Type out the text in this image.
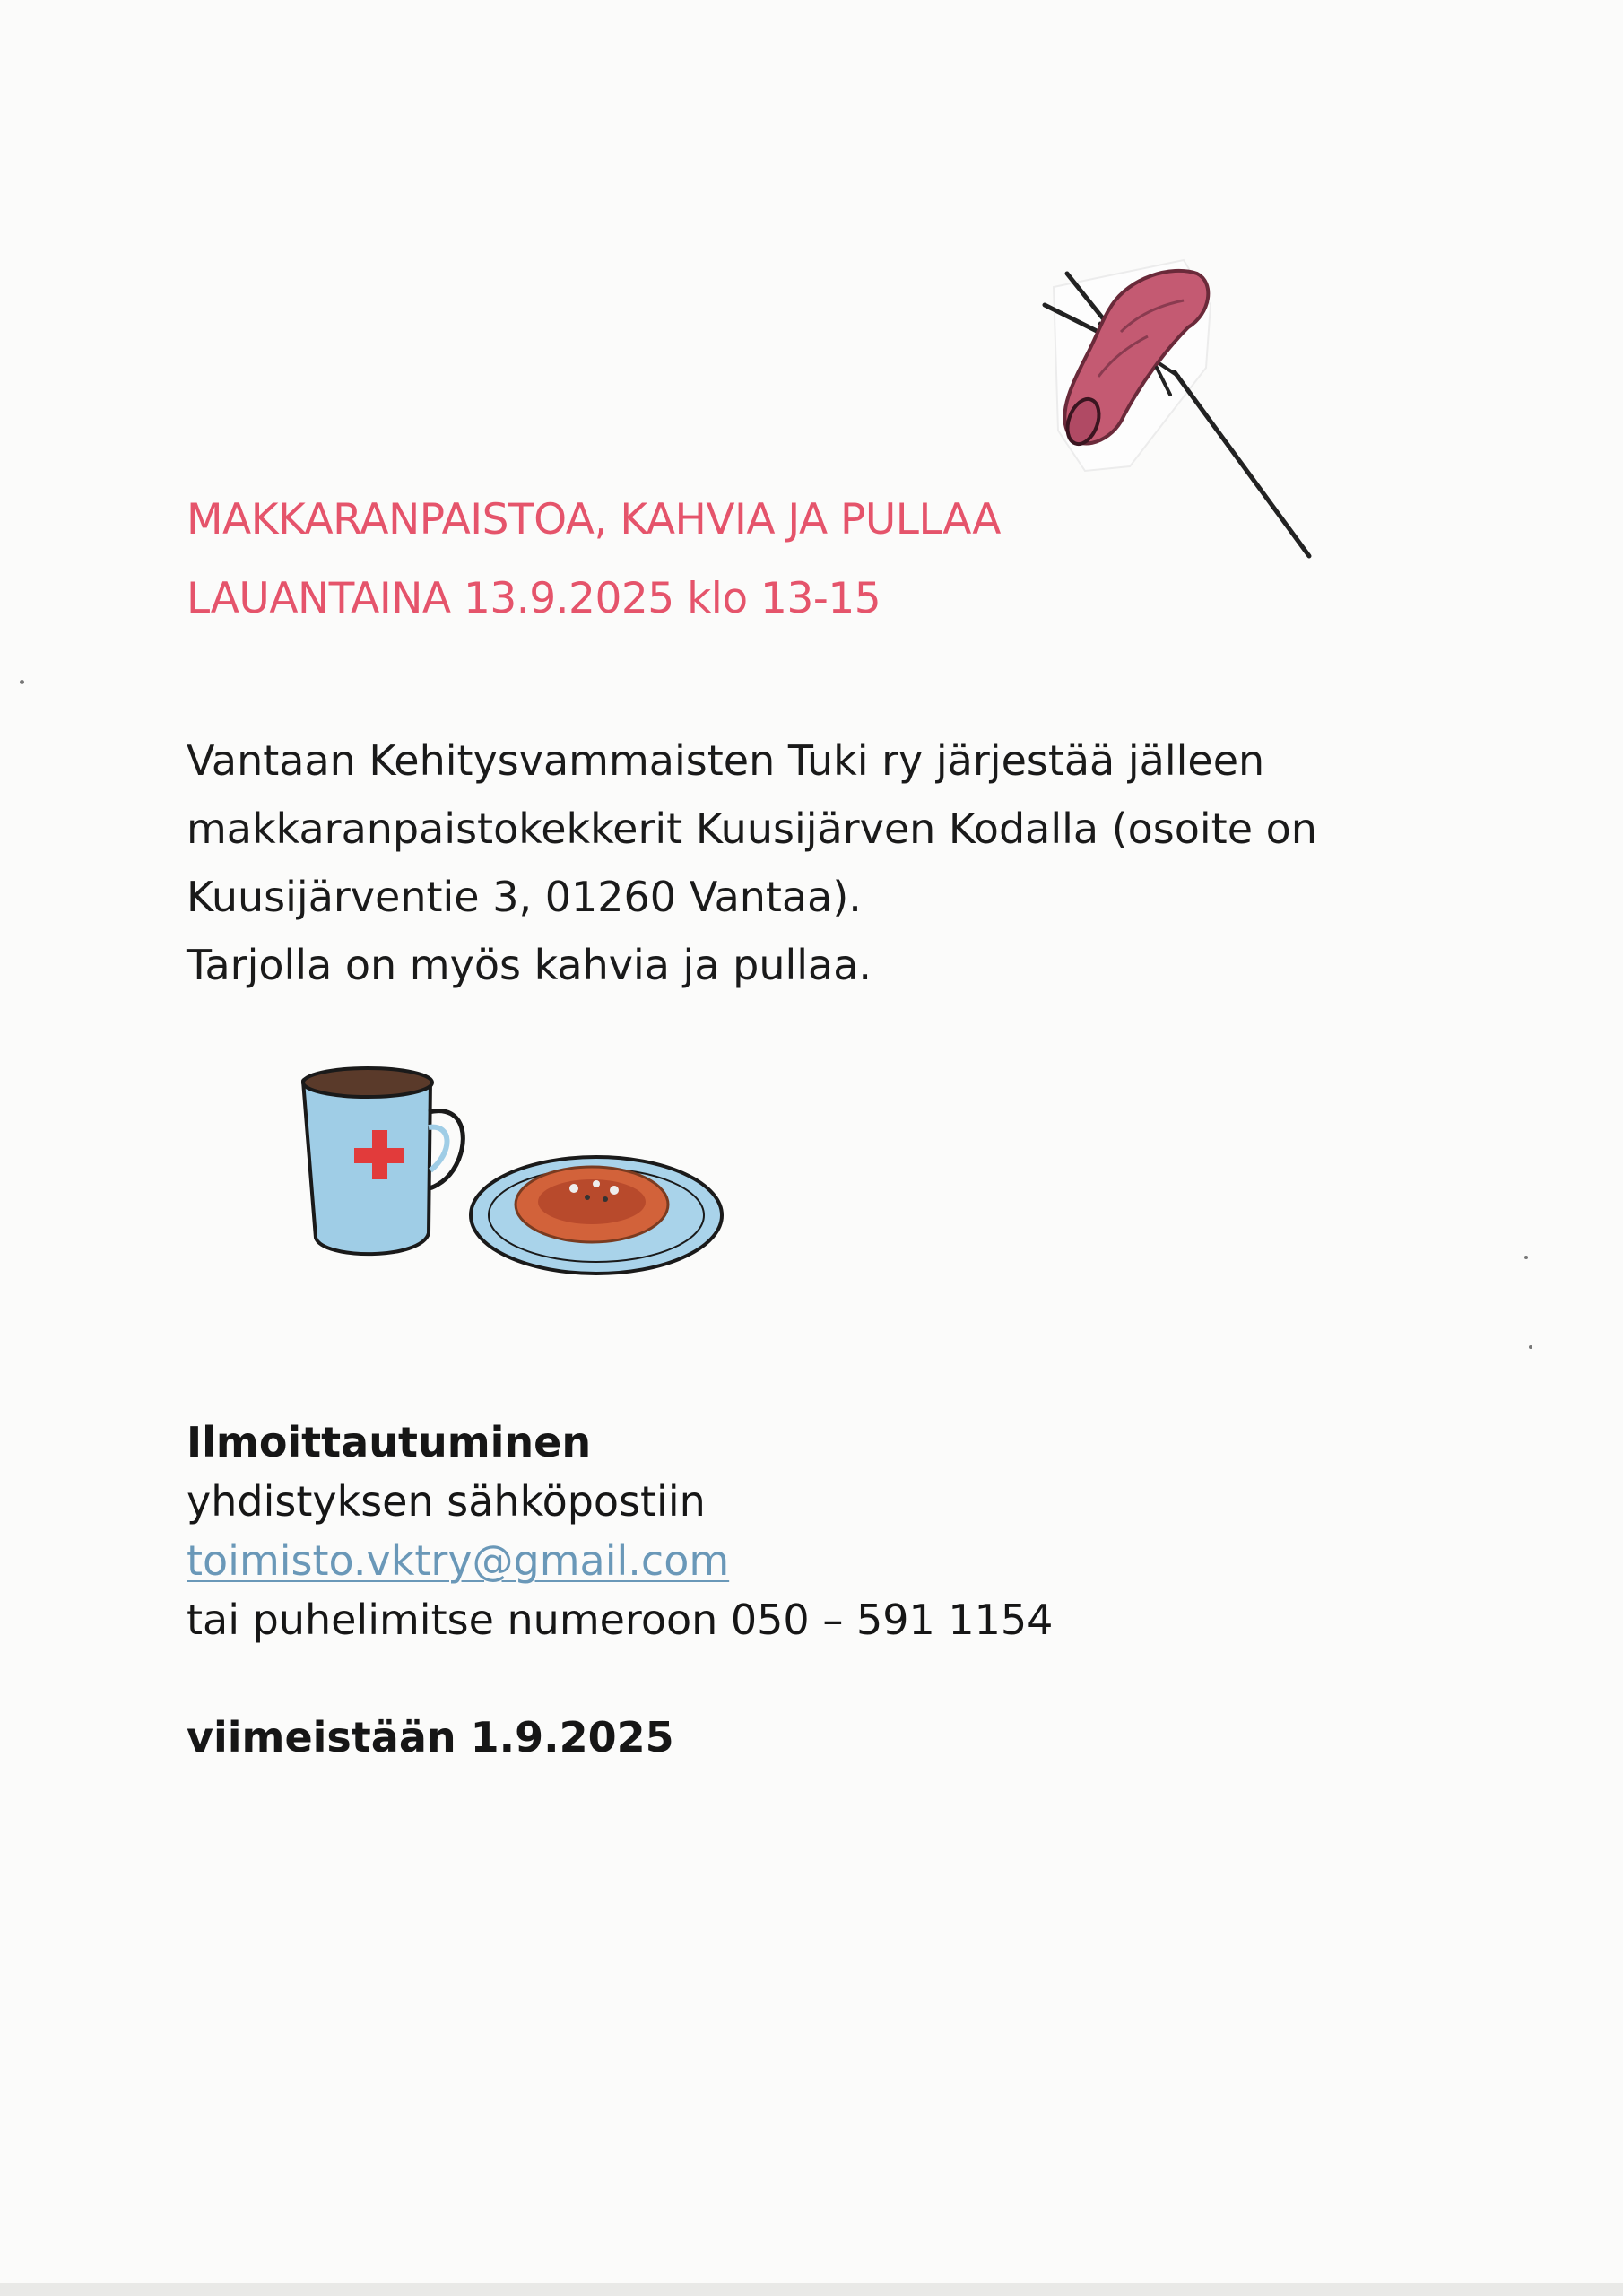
MAKKARANPAISTOA, KAHVIA JA PULLAA
LAUANTAINA 13.9.2025 klo 13-15
Vantaan Kehitysvammaisten Tuki ry järjestää jälleen
makkaranpaistokekkerit Kuusijärven Kodalla (osoite on
Kuusijärventie 3, 01260 Vantaa).
Tarjolla on myös kahvia ja pullaa.
Ilmoittautuminen
yhdistyksen sähköpostiin
toimisto.vktry@gmail.com
tai puhelimitse numeroon 050 – 591 1154
viimeistään 1.9.2025
